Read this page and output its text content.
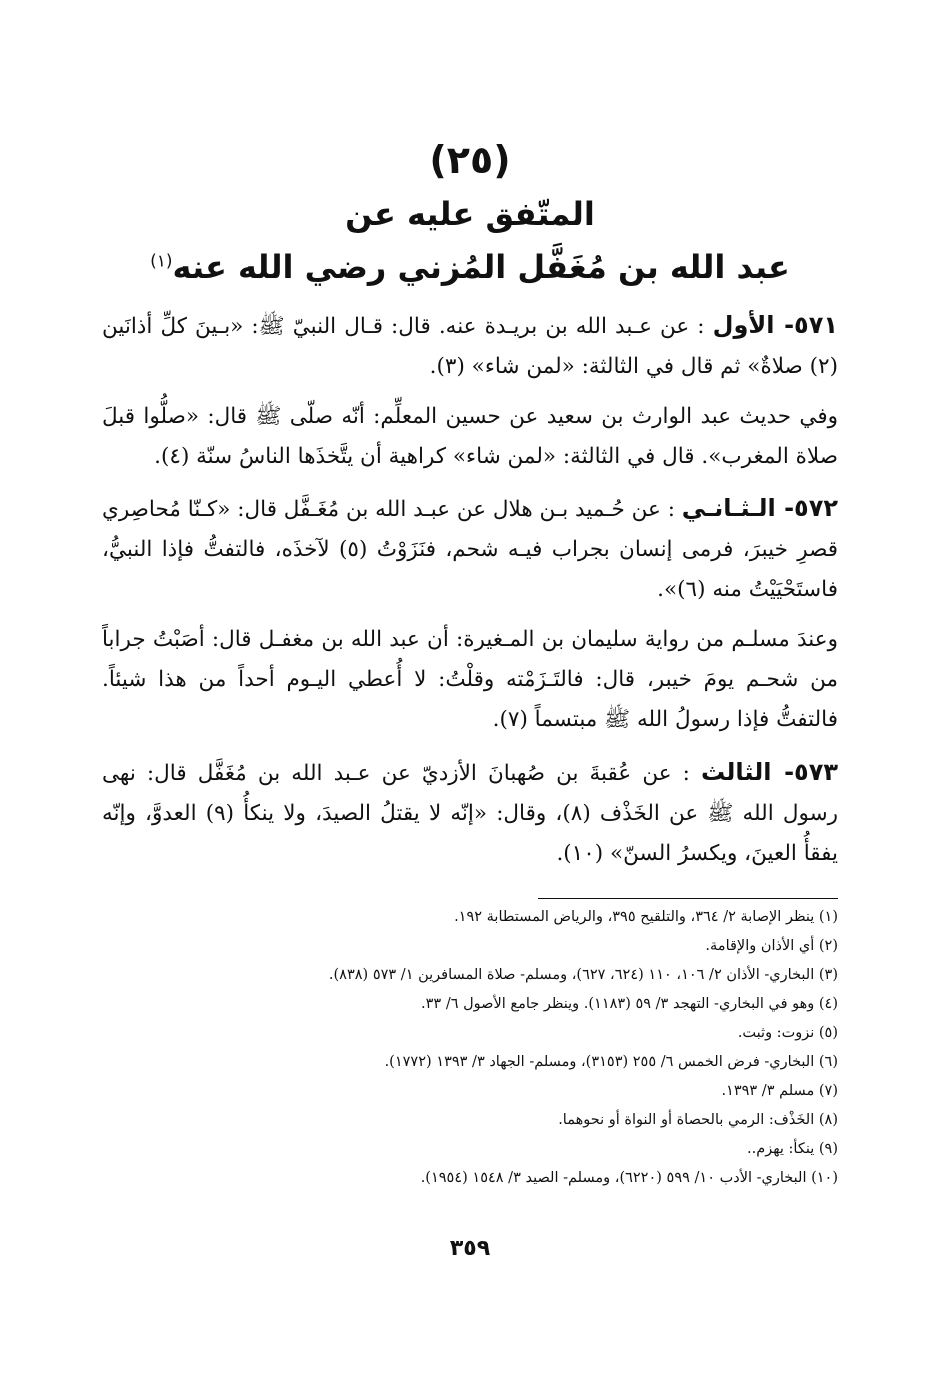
(٢٥)
المتّفق عليه عن
عبد الله بن مُغَفَّل المُزني رضي الله عنه$^{(١)}$
٥٧١- الأول : عن عـبد الله بن بريـدة عنه. قال: قـال النبيّ ﷺ: «بـينَ كلِّ أذانَين (٢) صلاةٌ» ثم قال في الثالثة: «لمن شاء» (٣).
وفي حديث عبد الوارث بن سعيد عن حسين المعلِّم: أنّه صلّى ﷺ قال: «صلُّوا قبلَ صلاة المغرب». قال في الثالثة: «لمن شاء» كراهية أن يتَّخذَها الناسُ سنّة (٤).
٥٧٢- الـثـانـي : عن حُـميد بـن هلال عن عبـد الله بن مُغَـفَّل قال: «كـنّا مُحاصِري قصرِ خيبرَ، فرمى إنسان بجراب فيـه شحم، فنَزَوْتُ (٥) لآخذَه، فالتفتُّ فإذا النبيُّ، فاستَحْيَيْتُ منه (٦)».
وعندَ مسلـم من رواية سليمان بن المـغيرة: أن عبد الله بن مغفـل قال: أصَبْتُ جراباً من شحـم يومَ خيبر، قال: فالتَـزَمْته وقلْتُ: لا أُعطي اليـوم أحداً من هذا شيئاً. فالتفتُّ فإذا رسولُ الله ﷺ مبتسماً (٧).
٥٧٣- الثالث : عن عُقبةَ بن صُهبانَ الأزديّ عن عـبد الله بن مُغَفَّل قال: نهى رسول الله ﷺ عن الخَذْف (٨)، وقال: «إنّه لا يقتلُ الصيدَ، ولا ينكأُ (٩) العدوَّ، وإنّه يفقأُ العينَ، ويكسرُ السنّ» (١٠).
(١) ينظر الإصابة ٢/ ٣٦٤، والتلقيح ٣٩٥، والرياض المستطابة ١٩٢.
(٢) أي الأذان والإقامة.
(٣) البخاري- الأذان ٢/ ١٠٦، ١١٠ (٦٢٤، ٦٢٧)، ومسلم- صلاة المسافرين ١/ ٥٧٣ (٨٣٨).
(٤) وهو في البخاري- التهجد ٣/ ٥٩ (١١٨٣). وينظر جامع الأصول ٦/ ٣٣.
(٥) نزوت: وثبت.
(٦) البخاري- فرض الخمس ٦/ ٢٥٥ (٣١٥٣)، ومسلم- الجهاد ٣/ ١٣٩٣ (١٧٧٢).
(٧) مسلم ٣/ ١٣٩٣.
(٨) الخَذْف: الرمي بالحصاة أو النواة أو نحوهما.
(٩) ينكأ: يهزم..
(١٠) البخاري- الأدب ١٠/ ٥٩٩ (٦٢٢٠)، ومسلم- الصيد ٣/ ١٥٤٨ (١٩٥٤).
٣٥٩
